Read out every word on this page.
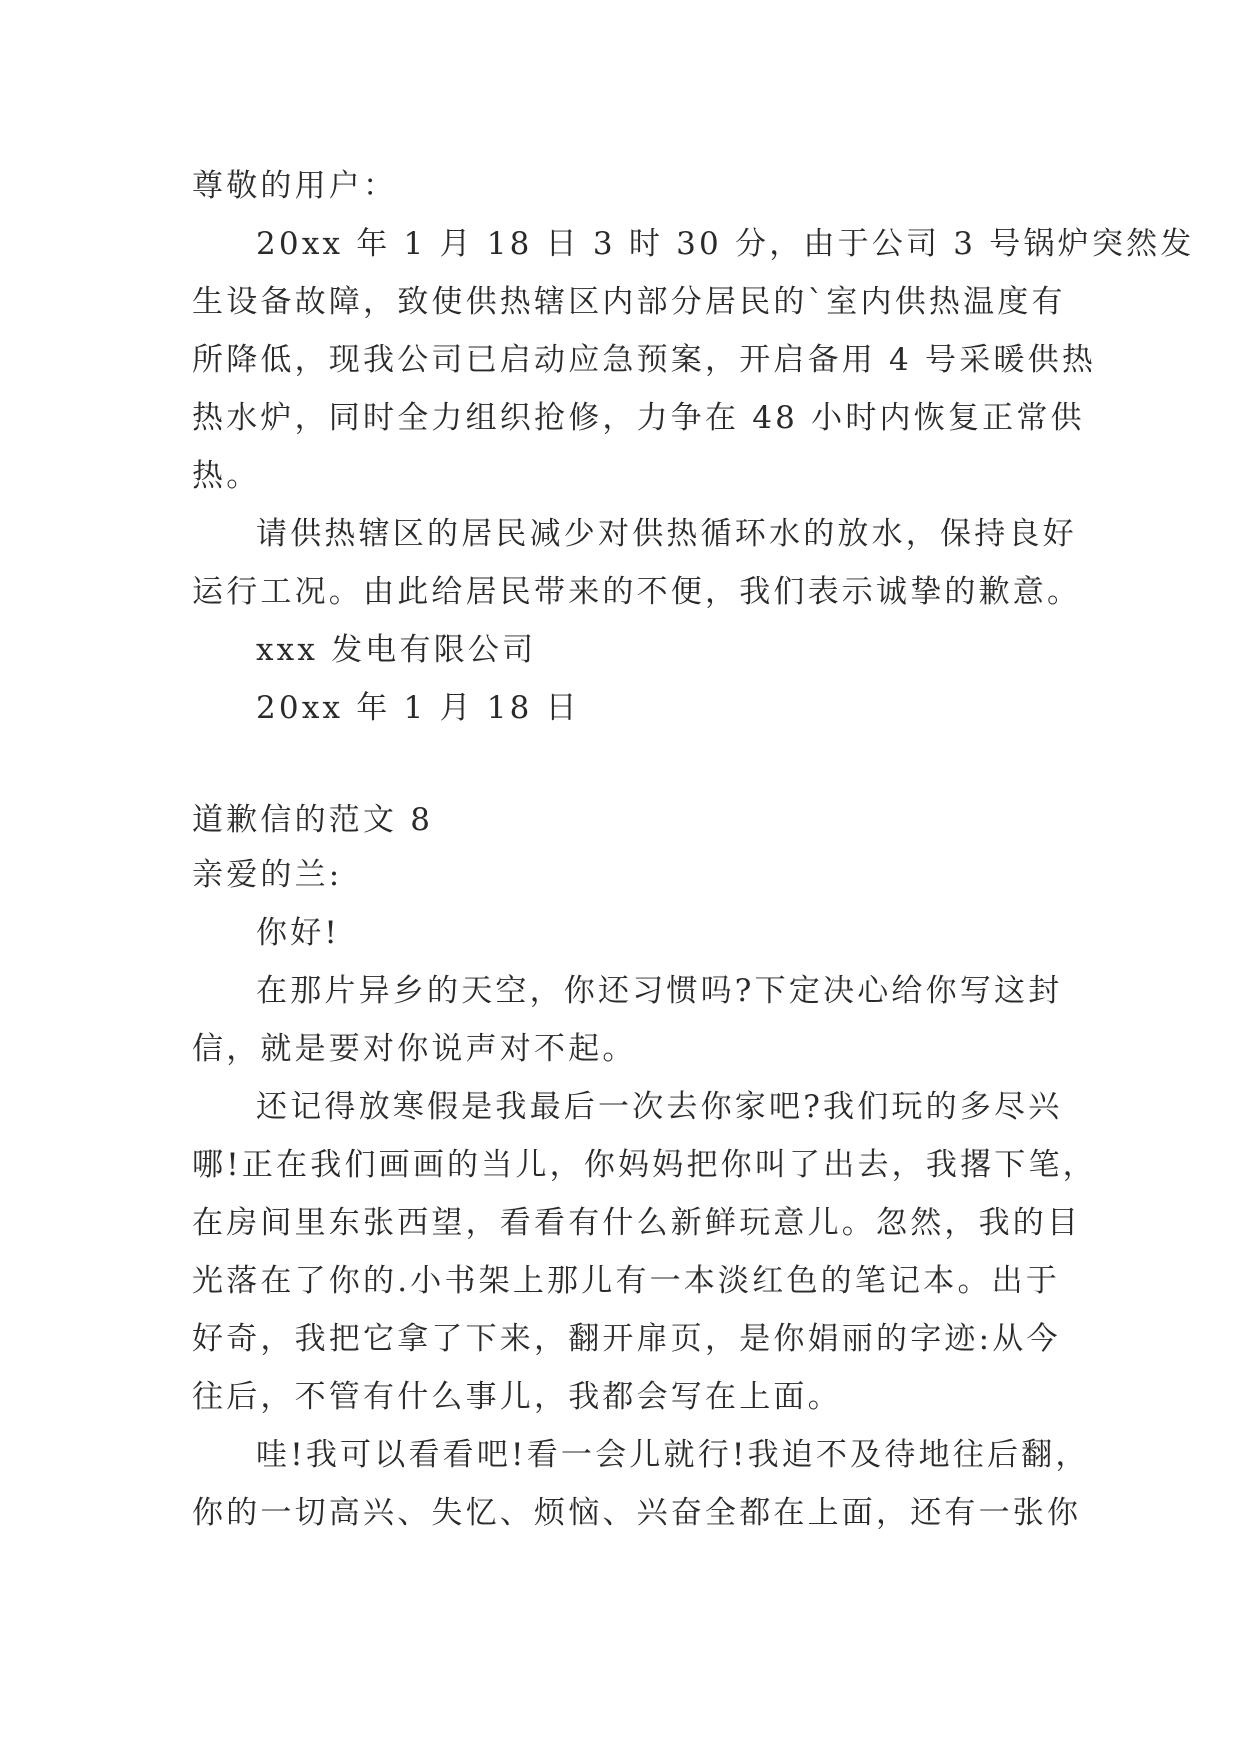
尊敬的用户：
20xx 年 1 月 18 日 3 时 30 分，由于公司 3 号锅炉突然发
生设备故障，致使供热辖区内部分居民的`室内供热温度有
所降低，现我公司已启动应急预案，开启备用 4 号采暖供热
热水炉，同时全力组织抢修，力争在 48 小时内恢复正常供
热。
请供热辖区的居民减少对供热循环水的放水，保持良好
运行工况。由此给居民带来的不便，我们表示诚挚的歉意。
xxx 发电有限公司
20xx 年 1 月 18 日
道歉信的范文 8
亲爱的兰:
你好!
在那片异乡的天空，你还习惯吗?下定决心给你写这封
信，就是要对你说声对不起。
还记得放寒假是我最后一次去你家吧?我们玩的多尽兴
哪!正在我们画画的当儿，你妈妈把你叫了出去，我撂下笔，
在房间里东张西望，看看有什么新鲜玩意儿。忽然，我的目
光落在了你的.小书架上那儿有一本淡红色的笔记本。出于
好奇，我把它拿了下来，翻开扉页，是你娟丽的字迹:从今
往后，不管有什么事儿，我都会写在上面。
哇!我可以看看吧!看一会儿就行!我迫不及待地往后翻，
你的一切高兴、失忆、烦恼、兴奋全都在上面，还有一张你
